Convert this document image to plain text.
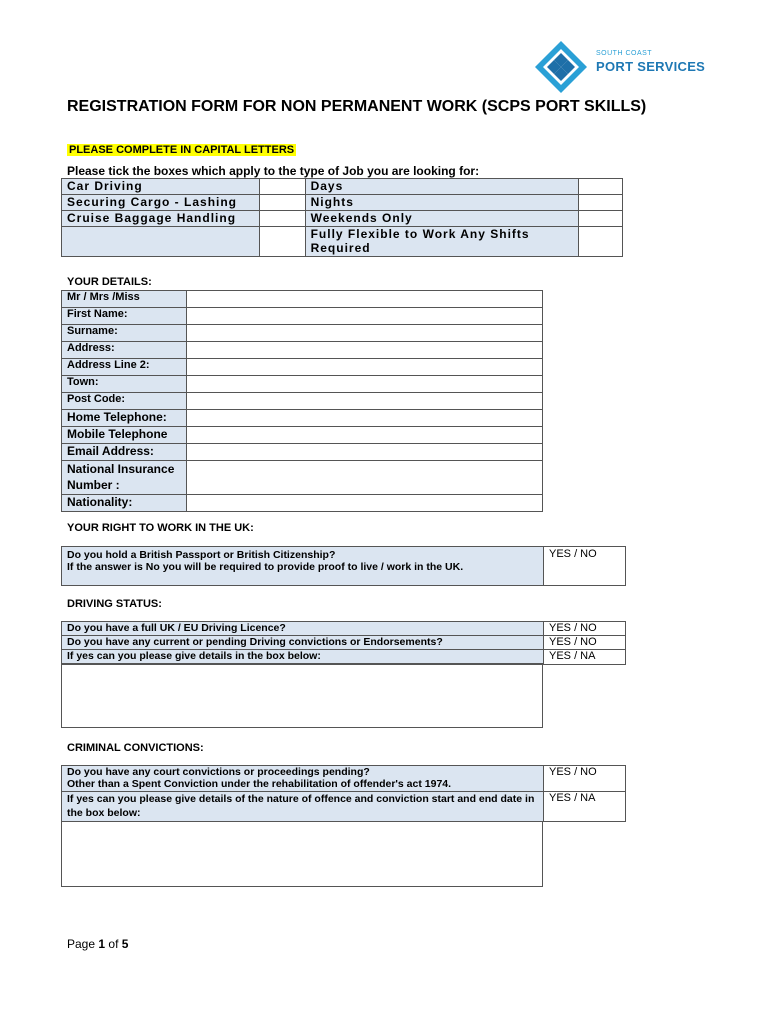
SOUTH COAST
PORT SERVICES
REGISTRATION FORM FOR NON PERMANENT WORK (SCPS PORT SKILLS)
PLEASE COMPLETE IN CAPITAL LETTERS
Please tick the boxes which apply to the type of Job you are looking for:
Car Driving		Days	
Securing Cargo - Lashing		Nights	
Cruise Baggage Handling		Weekends Only	
		Fully Flexible to Work Any Shifts Required	
YOUR DETAILS:
Mr / Mrs /Miss	
First Name:	
Surname:	
Address:	
Address Line 2:	
Town:	
Post Code:	
Home Telephone:	
Mobile Telephone	
Email Address:	
National Insurance Number :	
Nationality:	
YOUR RIGHT TO WORK IN THE UK:
Do you hold a British Passport or British Citizenship?
If the answer is No you will be required to provide proof to live / work in the UK.
	YES / NO
DRIVING STATUS:
Do you have a full UK / EU Driving Licence?	YES / NO
Do you have any current or pending Driving convictions or Endorsements?	YES / NO
If yes can you please give details in the box below:	YES / NA
CRIMINAL CONVICTIONS:
Do you have any court convictions or proceedings pending?
Other than a Spent Conviction under the rehabilitation of offender's act 1974.	YES / NO
If yes can you please give details of the nature of offence and conviction start and end date in the box below:	YES / NA
Page 1 of 5
